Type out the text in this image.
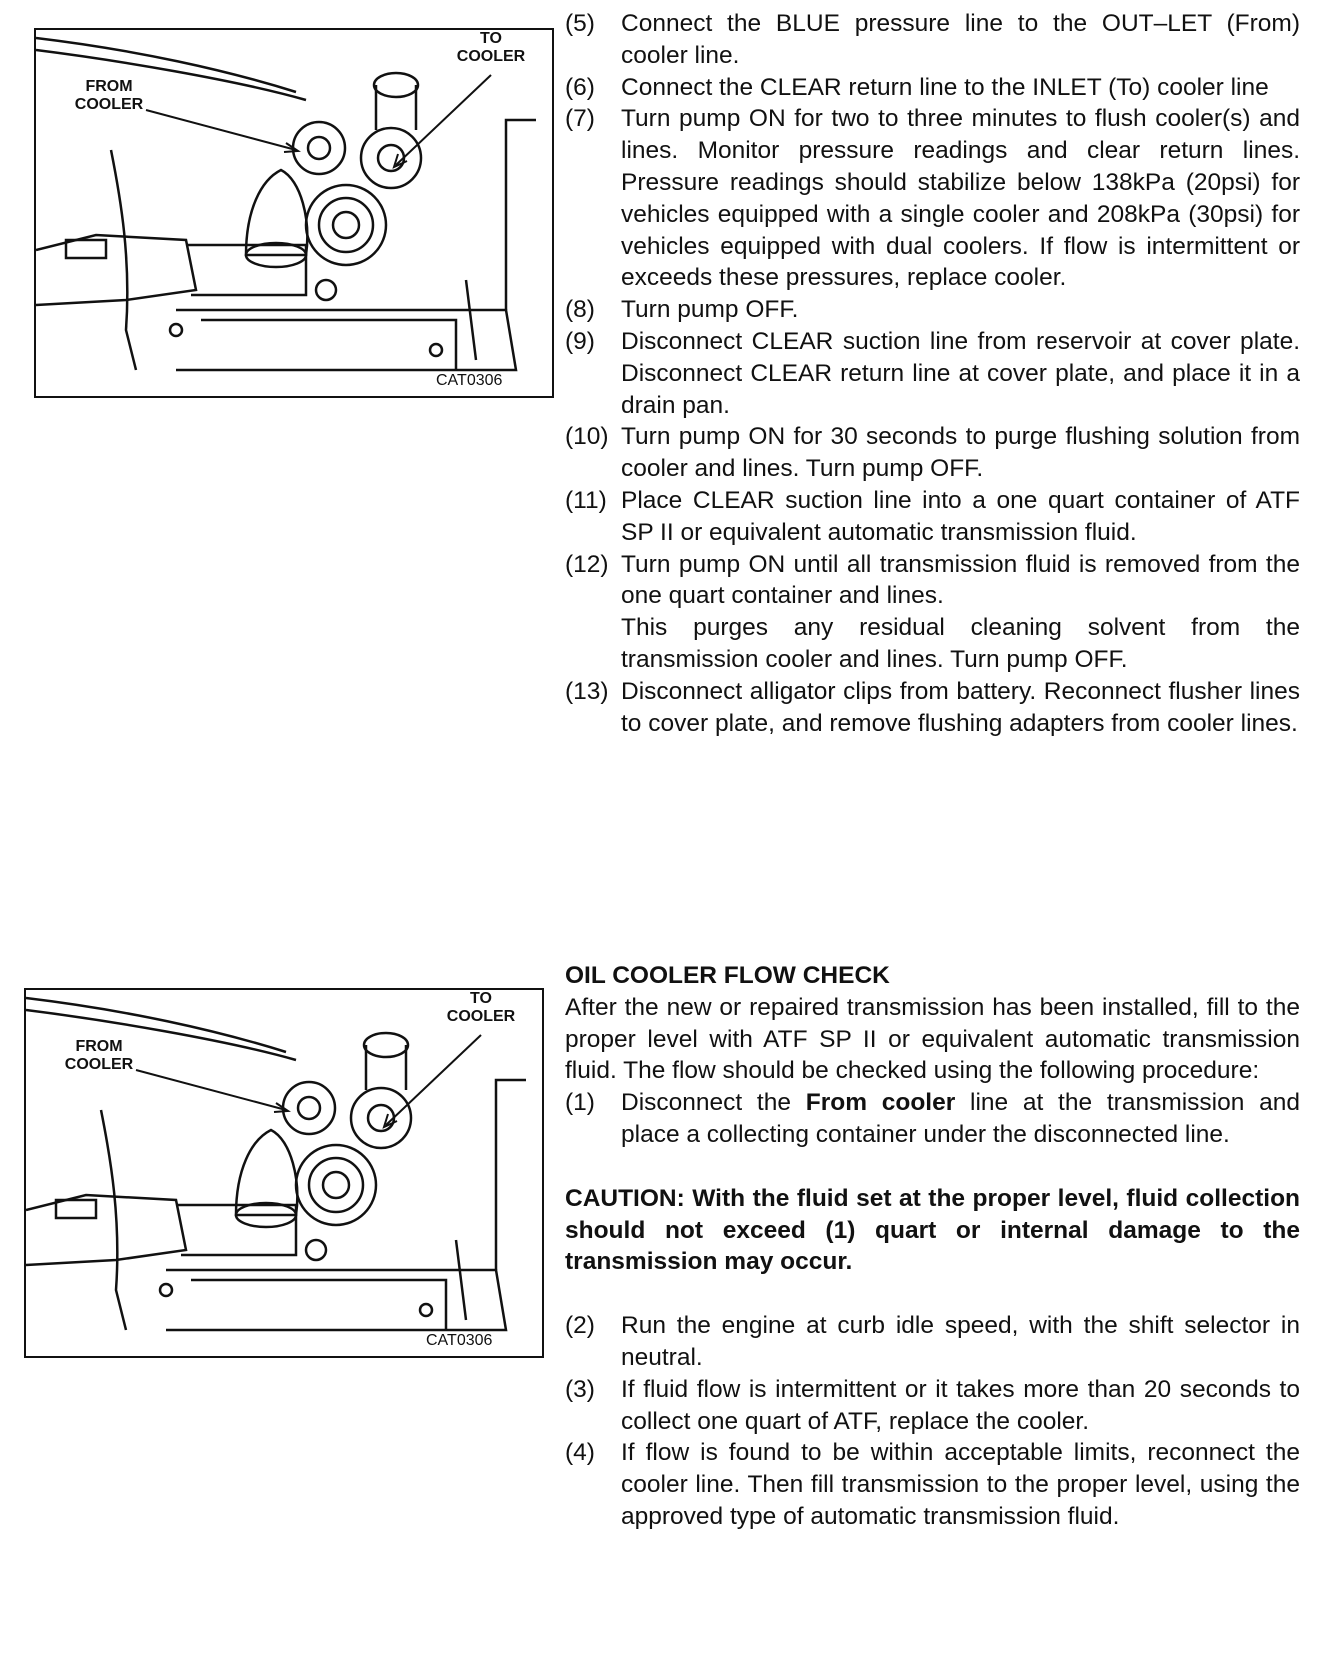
FROM
COOLER
TO
COOLER
CAT0306
(5)	Connect the BLUE pressure line to the OUT–LET (From) cooler line.
(6)	Connect the CLEAR return line to the INLET (To) cooler line
(7)	Turn pump ON for two to three minutes to flush cooler(s) and lines. Monitor pressure readings and clear return lines. Pressure readings should stabilize below 138kPa (20psi) for vehicles equipped with a single cooler and 208kPa (30psi) for vehicles equipped with dual coolers. If flow is intermittent or exceeds these pressures, replace cooler.
(8)	Turn pump OFF.
(9)	Disconnect CLEAR suction line from reservoir at cover plate. Disconnect CLEAR return line at cover plate, and place it in a drain pan.
(10) Turn pump ON for 30 seconds to purge flushing solution from cooler and lines. Turn pump OFF.
(11) Place CLEAR suction line into a one quart container of ATF SP II or equivalent automatic transmission fluid.
(12) Turn pump ON until all transmission fluid is removed from the one quart container and lines.
This purges any residual cleaning solvent from the transmission cooler and lines. Turn pump OFF.
(13) Disconnect alligator clips from battery. Reconnect flusher lines to cover plate, and remove flushing adapters from cooler lines.
FROM
COOLER
TO
COOLER
CAT0306
OIL COOLER FLOW CHECK
After the new or repaired transmission has been installed, fill to the proper level with ATF SP II or equivalent automatic transmission fluid. The flow should be checked using the following procedure:
(1)	Disconnect the From cooler line at the transmission and place a collecting container under the disconnected line.
CAUTION: With the fluid set at the proper level, fluid collection should not exceed (1) quart or internal damage to the transmission may occur.
(2)	Run the engine at curb idle speed, with the shift selector in neutral.
(3)	If fluid flow is intermittent or it takes more than 20 seconds to collect one quart of ATF, replace the cooler.
(4)	If flow is found to be within acceptable limits, reconnect the cooler line. Then fill transmission to the proper level, using the approved type of automatic transmission fluid.
